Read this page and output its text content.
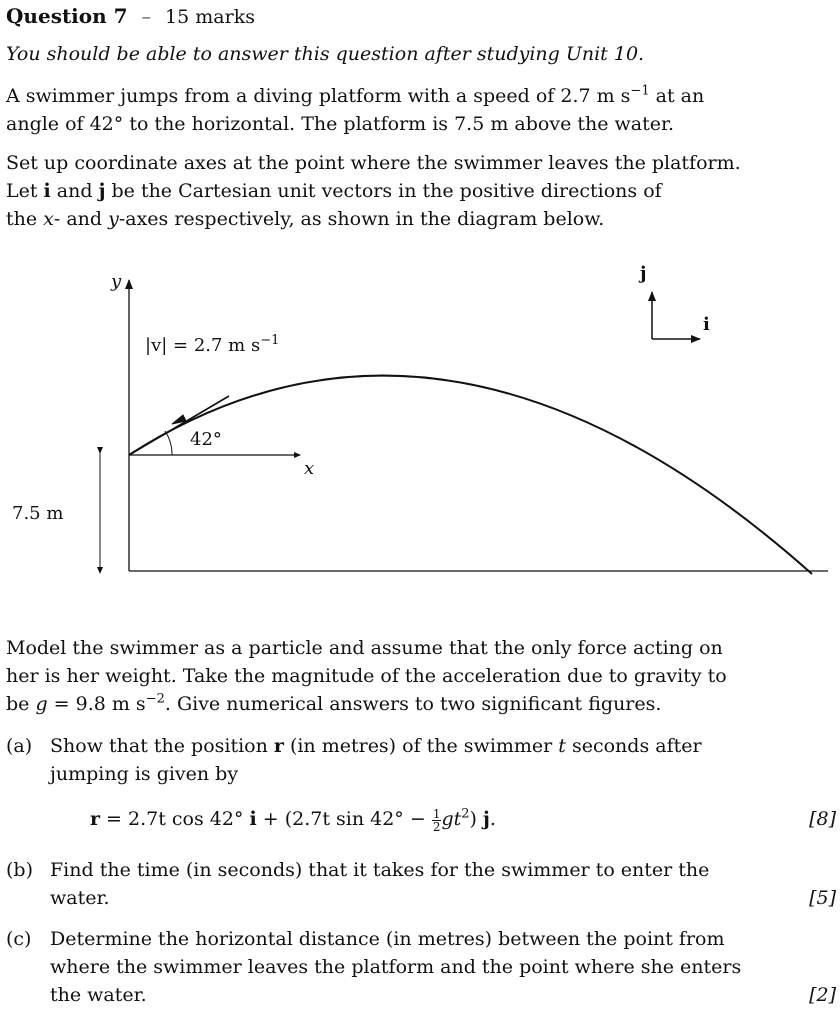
Question 7 – 15 marks
You should be able to answer this question after studying Unit 10.
A swimmer jumps from a diving platform with a speed of 2.7 m $s^{-1}$ at an
angle of 42° to the horizontal. The platform is 7.5 m above the water.
Set up coordinate axes at the point where the swimmer leaves the platform.
Let i and j be the Cartesian unit vectors in the positive directions of
the x- and y-axes respectively, as shown in the diagram below.
y
x
|v| = 2.7 m $s^{-1}$
42°
7.5 m
i
j
Model the swimmer as a particle and assume that the only force acting on
her is her weight. Take the magnitude of the acceleration due to gravity to
be g = 9.8 m $s^{-2}$. Give numerical answers to two significant figures.
(a) Show that the position r (in metres) of the swimmer t seconds after
jumping is given by
r = 2.7t cos 42° i + (2.7t $\sin 42^\circ - \frac{1}{2} gt^2$) j.	[8]
(b) Find the time (in seconds) that it takes for the swimmer to enter the
water.	[5]
(c) Determine the horizontal distance (in metres) between the point from
where the swimmer leaves the platform and the point where she enters
the water.	[2]
